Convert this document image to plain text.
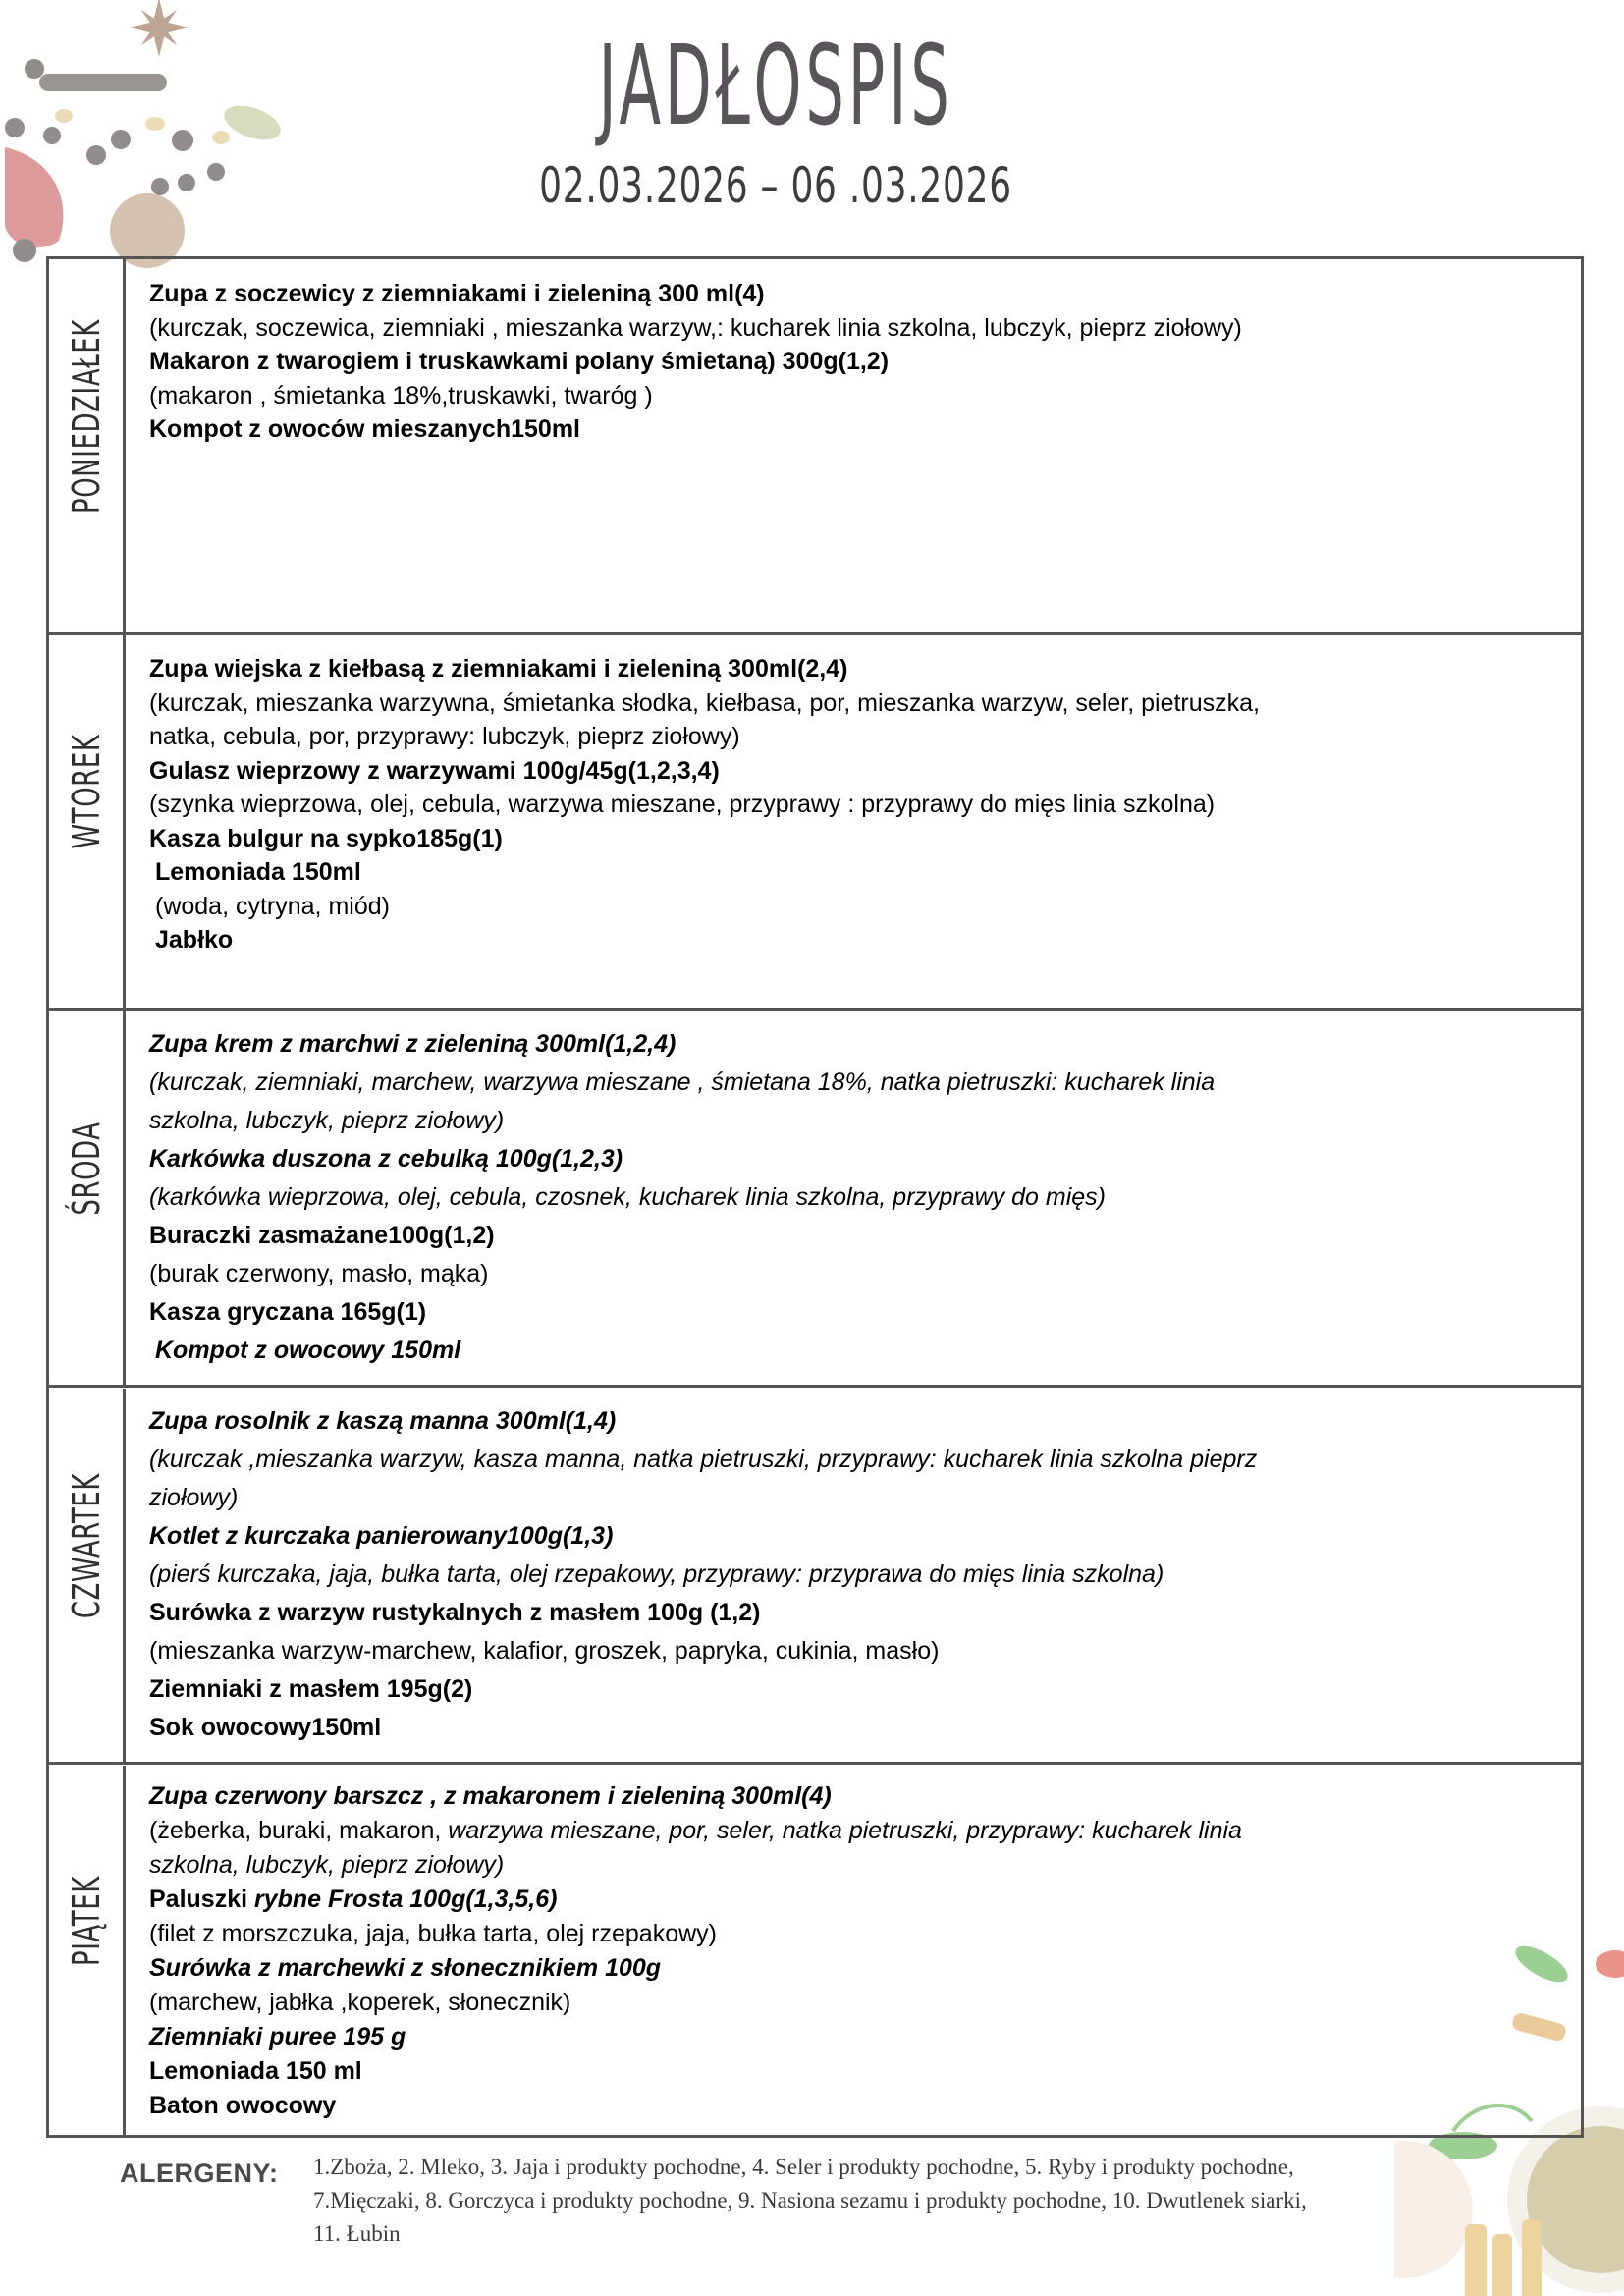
JADŁOSPIS
02.03.2026 – 06 .03.2026
PONIEDZIAŁEK
Zupa z soczewicy z ziemniakami i zieleniną 300 ml(4)
(kurczak, soczewica, ziemniaki , mieszanka warzyw,: kucharek linia szkolna, lubczyk, pieprz ziołowy)
Makaron z twarogiem i truskawkami polany śmietaną) 300g(1,2)
(makaron , śmietanka 18%,truskawki, twaróg )
Kompot z owoców mieszanych150ml
WTOREK
Zupa wiejska z kiełbasą z ziemniakami i zieleniną 300ml(2,4)
(kurczak, mieszanka warzywna, śmietanka słodka, kiełbasa, por, mieszanka warzyw, seler, pietruszka,
natka, cebula, por, przyprawy: lubczyk, pieprz ziołowy)
Gulasz wieprzowy z warzywami 100g/45g(1,2,3,4)
(szynka wieprzowa, olej, cebula, warzywa mieszane, przyprawy : przyprawy do mięs linia szkolna)
Kasza bulgur na sypko185g(1)
Lemoniada 150ml
(woda, cytryna, miód)
Jabłko
ŚRODA
Zupa krem z marchwi z zieleniną 300ml(1,2,4)
(kurczak, ziemniaki, marchew, warzywa mieszane , śmietana 18%, natka pietruszki: kucharek linia
szkolna, lubczyk, pieprz ziołowy)
Karkówka duszona z cebulką 100g(1,2,3)
(karkówka wieprzowa, olej, cebula, czosnek, kucharek linia szkolna, przyprawy do mięs)
Buraczki zasmażane100g(1,2)
(burak czerwony, masło, mąka)
Kasza gryczana 165g(1)
Kompot z owocowy 150ml
CZWARTEK
Zupa rosolnik z kaszą manna 300ml(1,4)
(kurczak ,mieszanka warzyw, kasza manna, natka pietruszki, przyprawy: kucharek linia szkolna pieprz
ziołowy)
Kotlet z kurczaka panierowany100g(1,3)
(pierś kurczaka, jaja, bułka tarta, olej rzepakowy, przyprawy: przyprawa do mięs linia szkolna)
Surówka z warzyw rustykalnych z masłem 100g (1,2)
(mieszanka warzyw-marchew, kalafior, groszek, papryka, cukinia, masło)
Ziemniaki z masłem 195g(2)
Sok owocowy150ml
PIĄTEK
Zupa czerwony barszcz , z makaronem i zieleniną 300ml(4)
(żeberka, buraki, makaron, warzywa mieszane, por, seler, natka pietruszki, przyprawy: kucharek linia
szkolna, lubczyk, pieprz ziołowy)
Paluszki rybne Frosta 100g(1,3,5,6)
(filet z morszczuka, jaja, bułka tarta, olej rzepakowy)
Surówka z marchewki z słonecznikiem 100g
(marchew, jabłka ,koperek, słonecznik)
Ziemniaki puree 195 g
Lemoniada 150 ml
Baton owocowy
ALERGENY: 1.Zboża, 2. Mleko, 3. Jaja i produkty pochodne, 4. Seler i produkty pochodne, 5. Ryby i produkty pochodne,
7.Mięczaki, 8. Gorczyca i produkty pochodne, 9. Nasiona sezamu i produkty pochodne, 10. Dwutlenek siarki,
11. Łubin
